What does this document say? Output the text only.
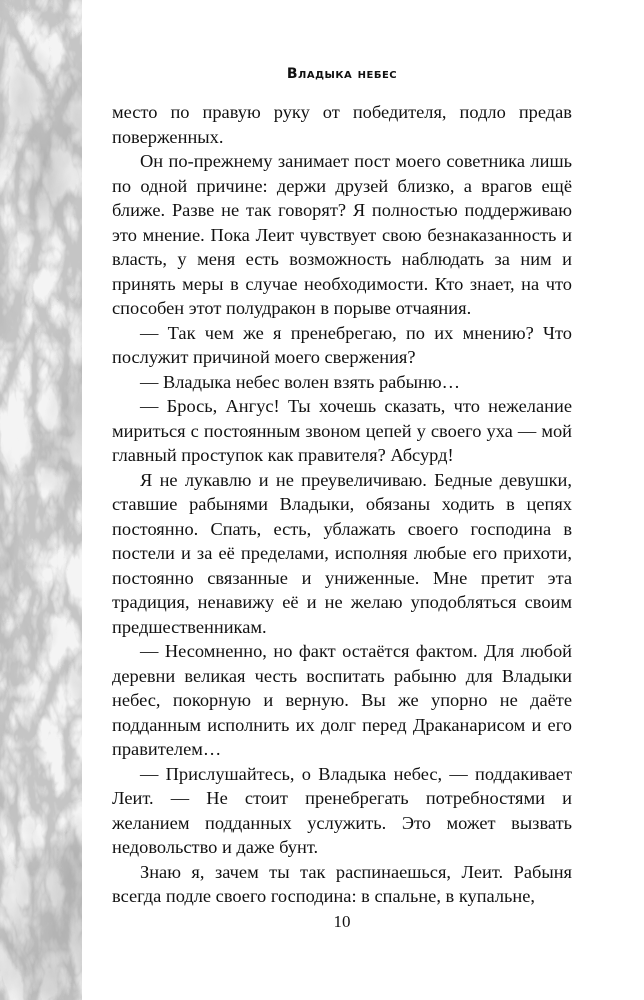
Владыка небес

место по правую руку от победителя, подло предав поверженных.

Он по-прежнему занимает пост моего советника лишь по одной причине: держи друзей близко, а врагов ещё ближе. Разве не так говорят? Я полностью поддерживаю это мнение. Пока Леит чувствует свою безнаказанность и власть, у меня есть возможность наблюдать за ним и принять меры в случае необходимости. Кто знает, на что способен этот полудракон в порыве отчаяния.

— Так чем же я пренебрегаю, по их мнению? Что послужит причиной моего свержения?

— Владыка небес волен взять рабыню…

— Брось, Ангус! Ты хочешь сказать, что нежелание мириться с постоянным звоном цепей у своего уха — мой главный проступок как правителя? Абсурд!

Я не лукавлю и не преувеличиваю. Бедные девушки, ставшие рабынями Владыки, обязаны ходить в цепях постоянно. Спать, есть, ублажать своего господина в постели и за её пределами, исполняя любые его прихоти, постоянно связанные и униженные. Мне претит эта традиция, ненавижу её и не желаю уподобляться своим предшественникам.

— Несомненно, но факт остаётся фактом. Для любой деревни великая честь воспитать рабыню для Владыки небес, покорную и верную. Вы же упорно не даёте подданным исполнить их долг перед Драканарисом и его правителем…

— Прислушайтесь, о Владыка небес, — поддакивает Леит. — Не стоит пренебрегать потребностями и желанием подданных услужить. Это может вызвать недовольство и даже бунт.

Знаю я, зачем ты так распинаешься, Леит. Рабыня всегда подле своего господина: в спальне, в купальне,

10
